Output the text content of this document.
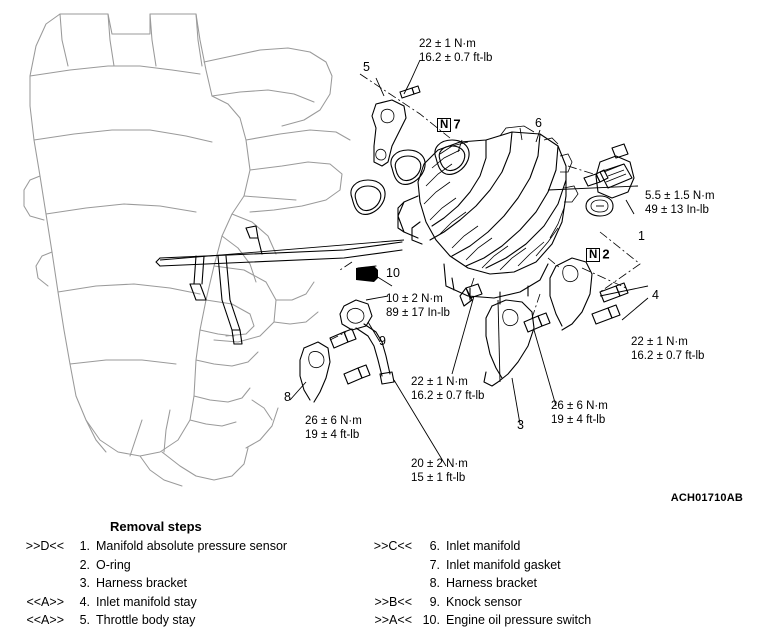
22 ± 1 N·m
16.2 ± 0.7 ft-lb
5.5 ± 1.5 N·m
49 ± 13 In-lb
22 ± 1 N·m
16.2 ± 0.7 ft-lb
10 ± 2 N·m
89 ± 17 In-lb
22 ± 1 N·m
16.2 ± 0.7 ft-lb
26 ± 6 N·m
19 ± 4 ft-lb
26 ± 6 N·m
19 ± 4 ft-lb
20 ± 2 N·m
15 ± 1 ft-lb
5
6
1
4
3
8
9
10
N 7
N 2
ACH01710AB
Removal steps
>>D<<	1. Manifold absolute pressure sensor
2. O-ring
3. Harness bracket
<<A>>	4. Inlet manifold stay
<<A>>	5. Throttle body stay
>>C<<	6. Inlet manifold
7. Inlet manifold gasket
8. Harness bracket
>>B<<	9. Knock sensor
>>A<< 10. Engine oil pressure switch
